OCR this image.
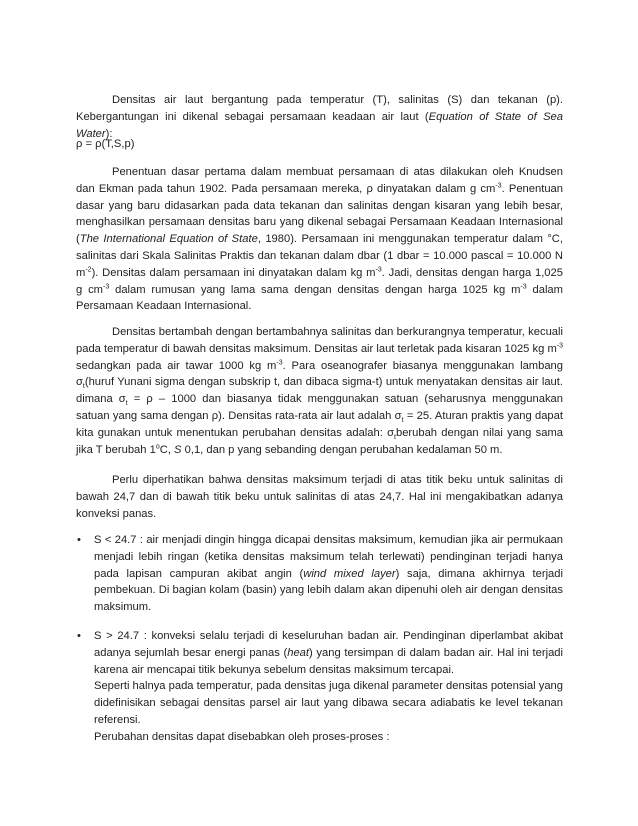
Densitas air laut bergantung pada temperatur (T), salinitas (S) dan tekanan (p). Kebergantungan ini dikenal sebagai persamaan keadaan air laut (Equation of State of Sea Water):

ρ = ρ(T,S,p)

Penentuan dasar pertama dalam membuat persamaan di atas dilakukan oleh Knudsen dan Ekman pada tahun 1902. Pada persamaan mereka, ρ dinyatakan dalam g $cm^{-3}$. Penentuan dasar yang baru didasarkan pada data tekanan dan salinitas dengan kisaran yang lebih besar, menghasilkan persamaan densitas baru yang dikenal sebagai Persamaan Keadaan Internasional (The International Equation of State, 1980). Persamaan ini menggunakan temperatur dalam °C, salinitas dari Skala Salinitas Praktis dan tekanan dalam dbar (1 dbar = 10.000 pascal = 10.000 N $m^{-2}$). Densitas dalam persamaan ini dinyatakan dalam kg $m^{-3}$. Jadi, densitas dengan harga 1,025 g $cm^{-3}$ dalam rumusan yang lama sama dengan densitas dengan harga 1025 kg $m^{-3}$ dalam Persamaan Keadaan Internasional.

Densitas bertambah dengan bertambahnya salinitas dan berkurangnya temperatur, kecuali pada temperatur di bawah densitas maksimum. Densitas air laut terletak pada kisaran 1025 kg $m^{-3}$ sedangkan pada air tawar 1000 kg $m^{-3}$. Para oseanografer biasanya menggunakan lambang $\sigma_t(huruf$ Yunani sigma dengan subskrip t, dan dibaca sigma-t) untuk menyatakan densitas air laut. dimana $\sigma_t = \rho - 1000$ dan biasanya tidak menggunakan satuan (seharusnya menggunakan satuan yang sama dengan ρ). Densitas rata-rata air laut adalah $\sigma_t = 25$. Aturan praktis yang dapat kita gunakan untuk menentukan perubahan densitas adalah: $\sigma_tberubah$ dengan nilai yang sama jika T berubah 1$^o$C, S 0,1, dan p yang sebanding dengan perubahan kedalaman 50 m.

Perlu diperhatikan bahwa densitas maksimum terjadi di atas titik beku untuk salinitas di bawah 24,7 dan di bawah titik beku untuk salinitas di atas 24,7. Hal ini mengakibatkan adanya konveksi panas.

• S < 24.7 : air menjadi dingin hingga dicapai densitas maksimum, kemudian jika air permukaan menjadi lebih ringan (ketika densitas maksimum telah terlewati) pendinginan terjadi hanya pada lapisan campuran akibat angin (wind mixed layer) saja, dimana akhirnya terjadi pembekuan. Di bagian kolam (basin) yang lebih dalam akan dipenuhi oleh air dengan densitas maksimum.

• S > 24.7 : konveksi selalu terjadi di keseluruhan badan air. Pendinginan diperlambat akibat adanya sejumlah besar energi panas (heat) yang tersimpan di dalam badan air. Hal ini terjadi karena air mencapai titik bekunya sebelum densitas maksimum tercapai.

Seperti halnya pada temperatur, pada densitas juga dikenal parameter densitas potensial yang didefinisikan sebagai densitas parsel air laut yang dibawa secara adiabatis ke level tekanan referensi.

Perubahan densitas dapat disebabkan oleh proses-proses :
